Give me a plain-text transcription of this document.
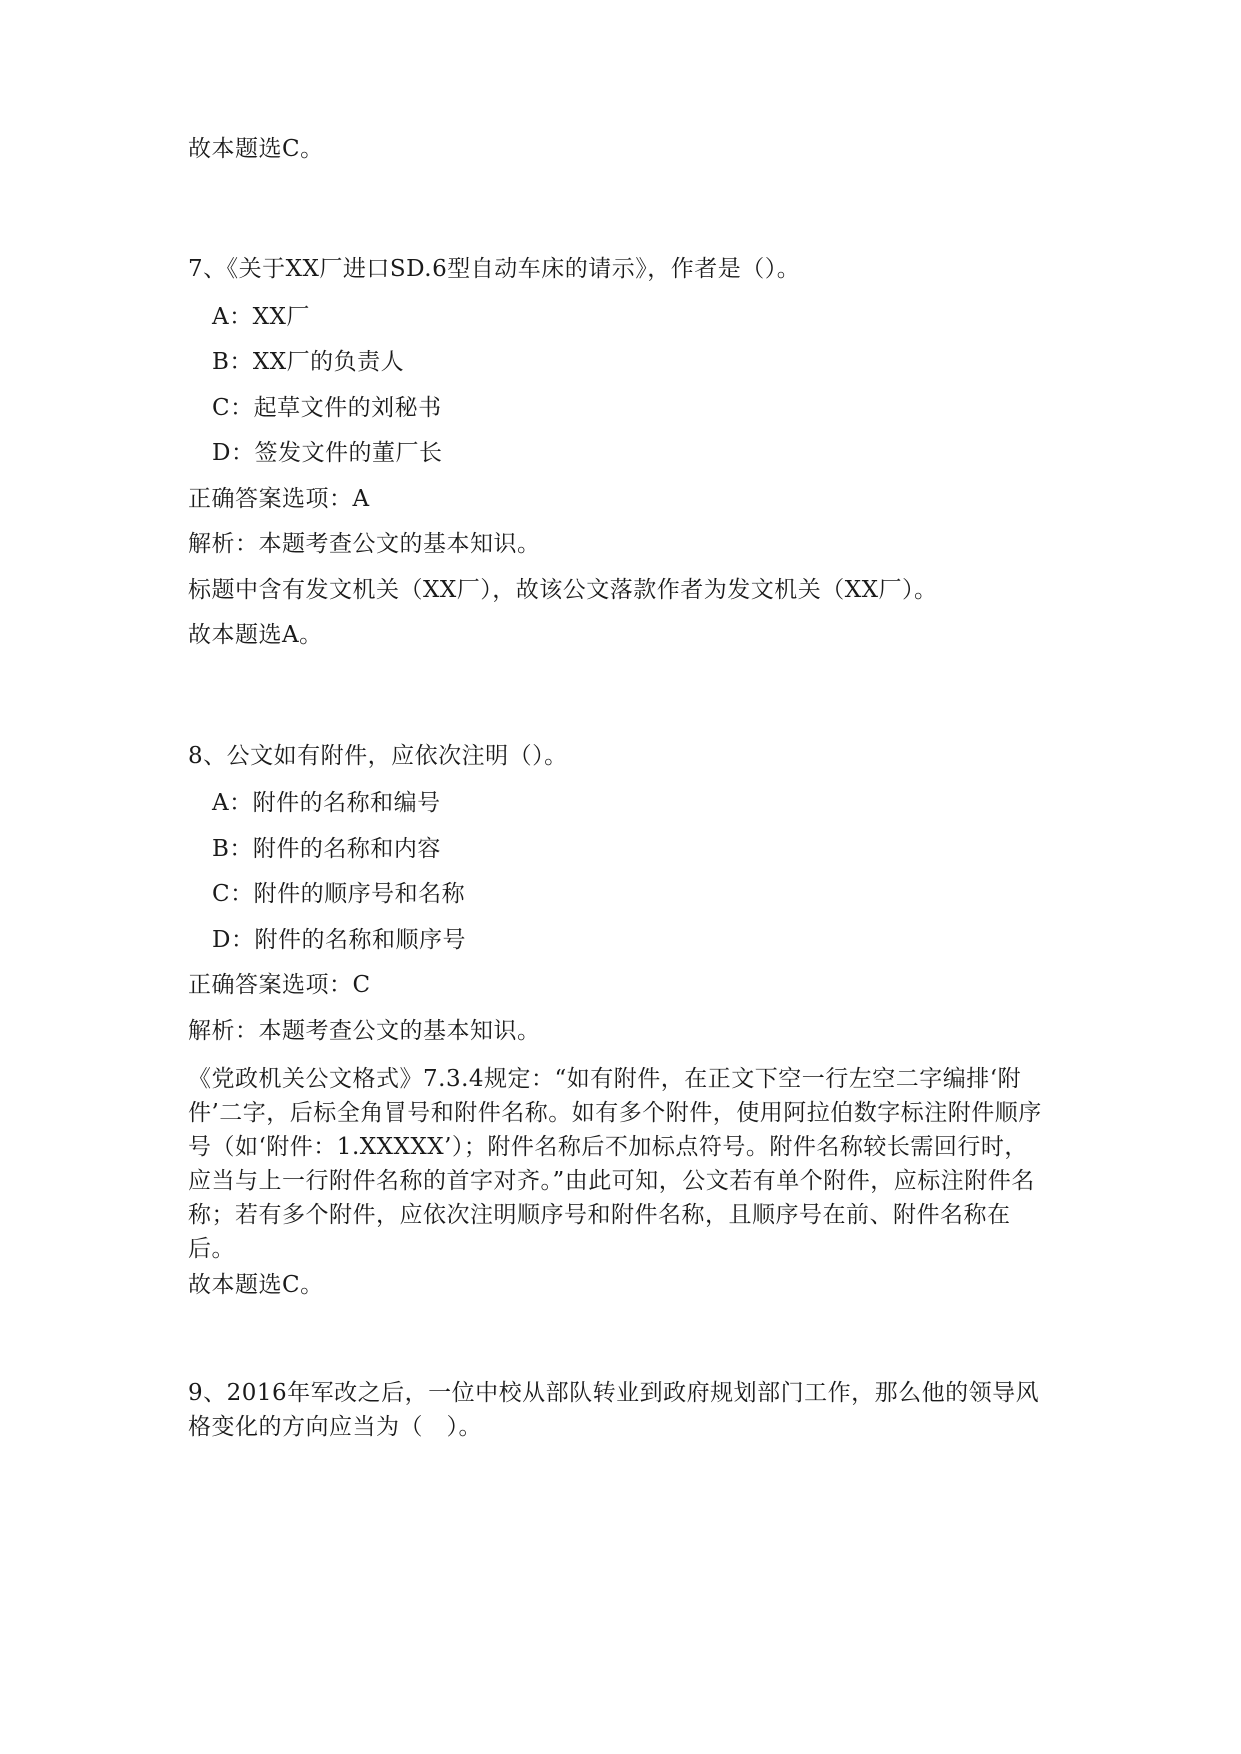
故本题选C。
7、《关于XX厂进口SD.6型自动车床的请示》，作者是（）。
A：XX厂
B：XX厂的负责人
C：起草文件的刘秘书
D：签发文件的董厂长
正确答案选项：A
解析：本题考查公文的基本知识。
标题中含有发文机关（XX厂），故该公文落款作者为发文机关（XX厂）。
故本题选A。
8、公文如有附件，应依次注明（）。
A：附件的名称和编号
B：附件的名称和内容
C：附件的顺序号和名称
D：附件的名称和顺序号
正确答案选项：C
解析：本题考查公文的基本知识。
《党政机关公文格式》7.3.4规定：“如有附件，在正文下空一行左空二字编排‘附件’二字，后标全角冒号和附件名称。如有多个附件，使用阿拉伯数字标注附件顺序号（如‘附件：1.XXXXX’）；附件名称后不加标点符号。附件名称较长需回行时，应当与上一行附件名称的首字对齐。”由此可知，公文若有单个附件，应标注附件名称；若有多个附件，应依次注明顺序号和附件名称，且顺序号在前、附件名称在后。
故本题选C。
9、2016年军改之后，一位中校从部队转业到政府规划部门工作，那么他的领导风格变化的方向应当为（　）。
